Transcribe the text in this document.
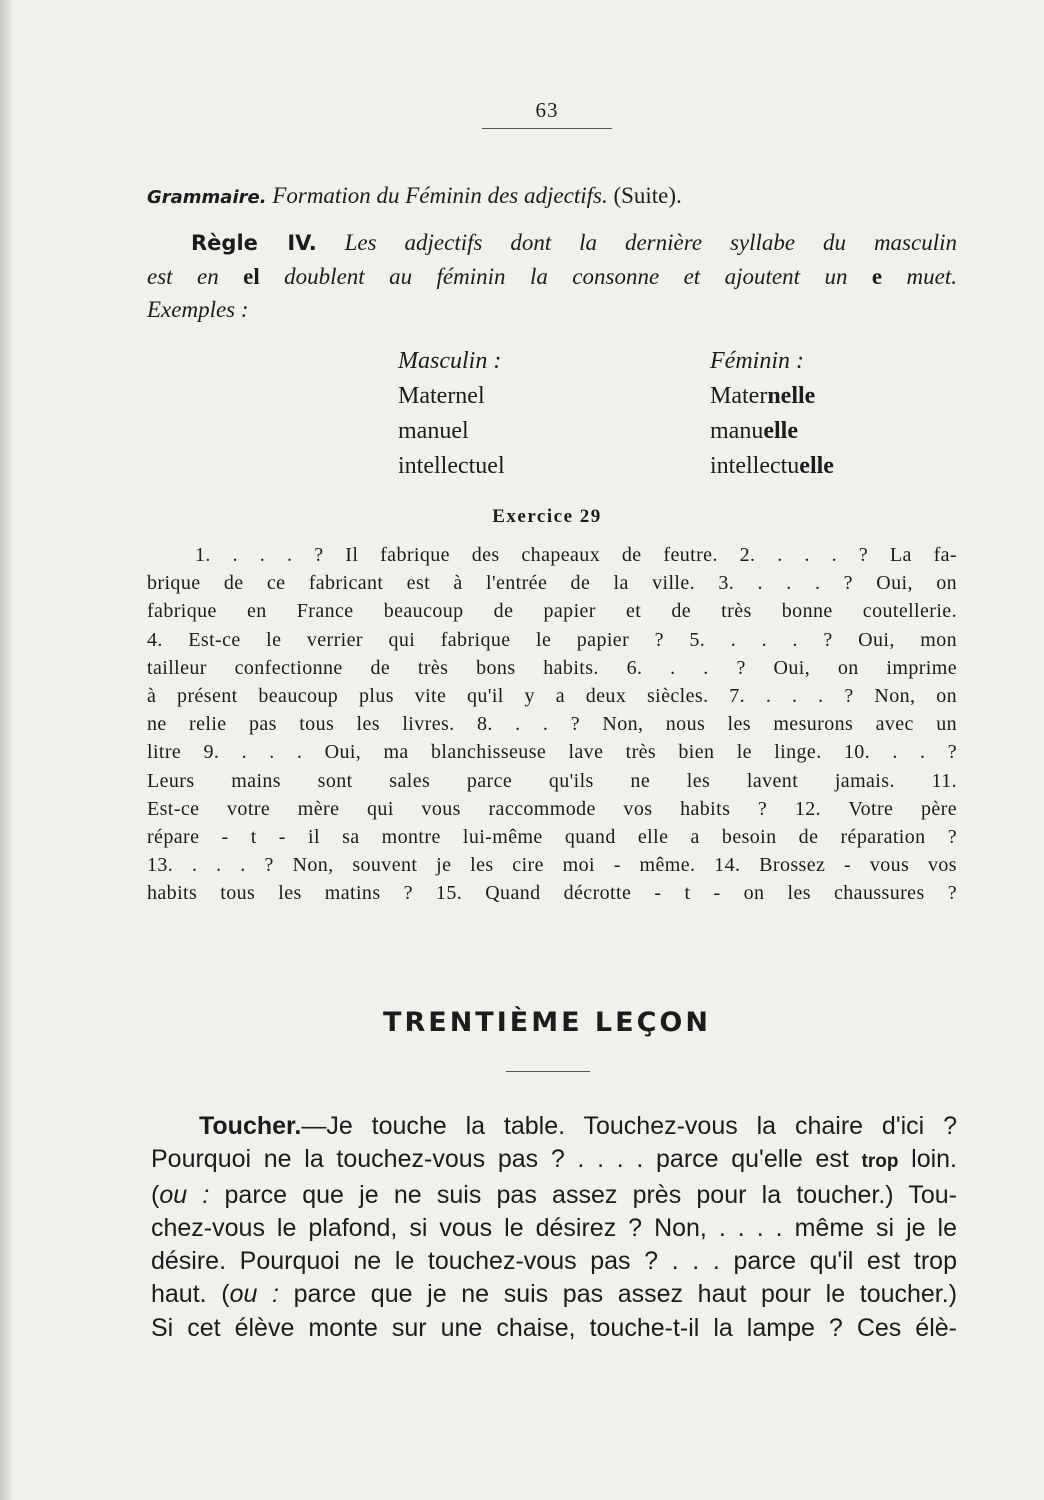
63
Grammaire. Formation du Féminin des adjectifs. (Suite).
Règle IV. Les adjectifs dont la dernière syllabe du masculin
est en el doublent au féminin la consonne et ajoutent un e muet.
Exemples :
Masculin :
Maternel
manuel
intellectuel
Féminin :
Maternelle
manuelle
intellectuelle
Exercice 29
1. . . . ? Il fabrique des chapeaux de feutre. 2. . . . ? La fa-
brique de ce fabricant est à l'entrée de la ville. 3. . . . ? Oui, on
fabrique en France beaucoup de papier et de très bonne coutellerie.
4. Est-ce le verrier qui fabrique le papier ? 5. . . . ? Oui, mon
tailleur confectionne de très bons habits. 6. . . ? Oui, on imprime
à présent beaucoup plus vite qu'il y a deux siècles. 7. . . . ? Non, on
ne relie pas tous les livres. 8. . . ? Non, nous les mesurons avec un
litre 9. . . . Oui, ma blanchisseuse lave très bien le linge. 10. . . ?
Leurs mains sont sales parce qu'ils ne les lavent jamais. 11.
Est-ce votre mère qui vous raccommode vos habits ? 12. Votre père
répare - t - il sa montre lui-même quand elle a besoin de réparation ?
13. . . . ? Non, souvent je les cire moi - même. 14. Brossez - vous vos
habits tous les matins ? 15. Quand décrotte - t - on les chaussures ?
TRENTIÈME LEÇON
Toucher.—Je touche la table. Touchez-vous la chaire d'ici ?
Pourquoi ne la touchez-vous pas ? . . . . parce qu'elle est trop loin.
(ou : parce que je ne suis pas assez près pour la toucher.) Tou-
chez-vous le plafond, si vous le désirez ? Non, . . . . même si je le
désire. Pourquoi ne le touchez-vous pas ? . . . parce qu'il est trop
haut. (ou : parce que je ne suis pas assez haut pour le toucher.)
Si cet élève monte sur une chaise, touche-t-il la lampe ? Ces élè-
